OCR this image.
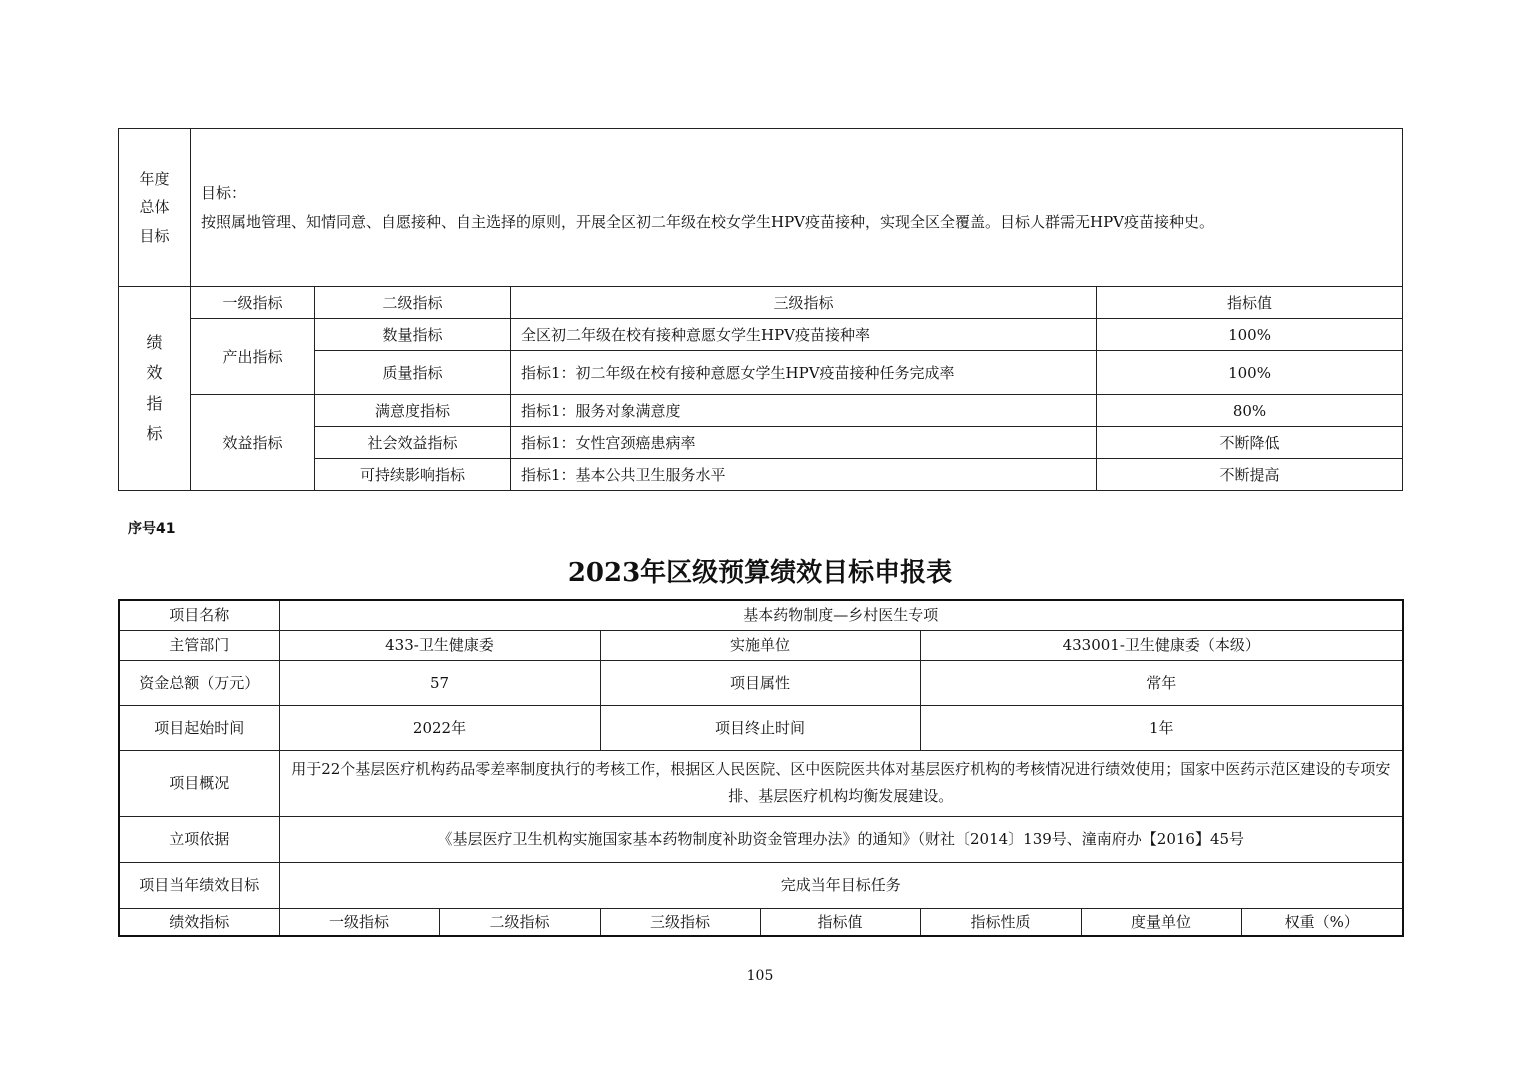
年度总体目标	目标：
按照属地管理、知情同意、自愿接种、自主选择的原则，开展全区初二年级在校女学生HPV疫苗接种，实现全区全覆盖。目标人群需无HPV疫苗接种史。			

绩效指标	一级指标	二级指标	三级指标	指标值
	产出指标	数量指标	全区初二年级在校有接种意愿女学生HPV疫苗接种率	100%
		质量指标	指标1：初二年级在校有接种意愿女学生HPV疫苗接种任务完成率	100%
	效益指标	满意度指标	指标1：服务对象满意度	80%
		社会效益指标	指标1：女性宫颈癌患病率	不断降低
		可持续影响指标	指标1：基本公共卫生服务水平	不断提高
序号41
2023年区级预算绩效目标申报表
项目名称	基本药物制度—乡村医生专项						
主管部门	433-卫生健康委		实施单位		433001-卫生健康委（本级）		
资金总额（万元）	57		项目属性		常年		
项目起始时间	2022年		项目终止时间		1年		
项目概况	用于22个基层医疗机构药品零差率制度执行的考核工作，根据区人民医院、区中医院医共体对基层医疗机构的考核情况进行绩效使用；国家中医药示范区建设的专项安排、基层医疗机构均衡发展建设。						
立项依据	《基层医疗卫生机构实施国家基本药物制度补助资金管理办法》的通知》（财社〔2014〕139号、潼南府办【2016】45号						
项目当年绩效目标	完成当年目标任务						
绩效指标	一级指标	二级指标	三级指标	指标值	指标性质	度量单位	权重（%）
105
